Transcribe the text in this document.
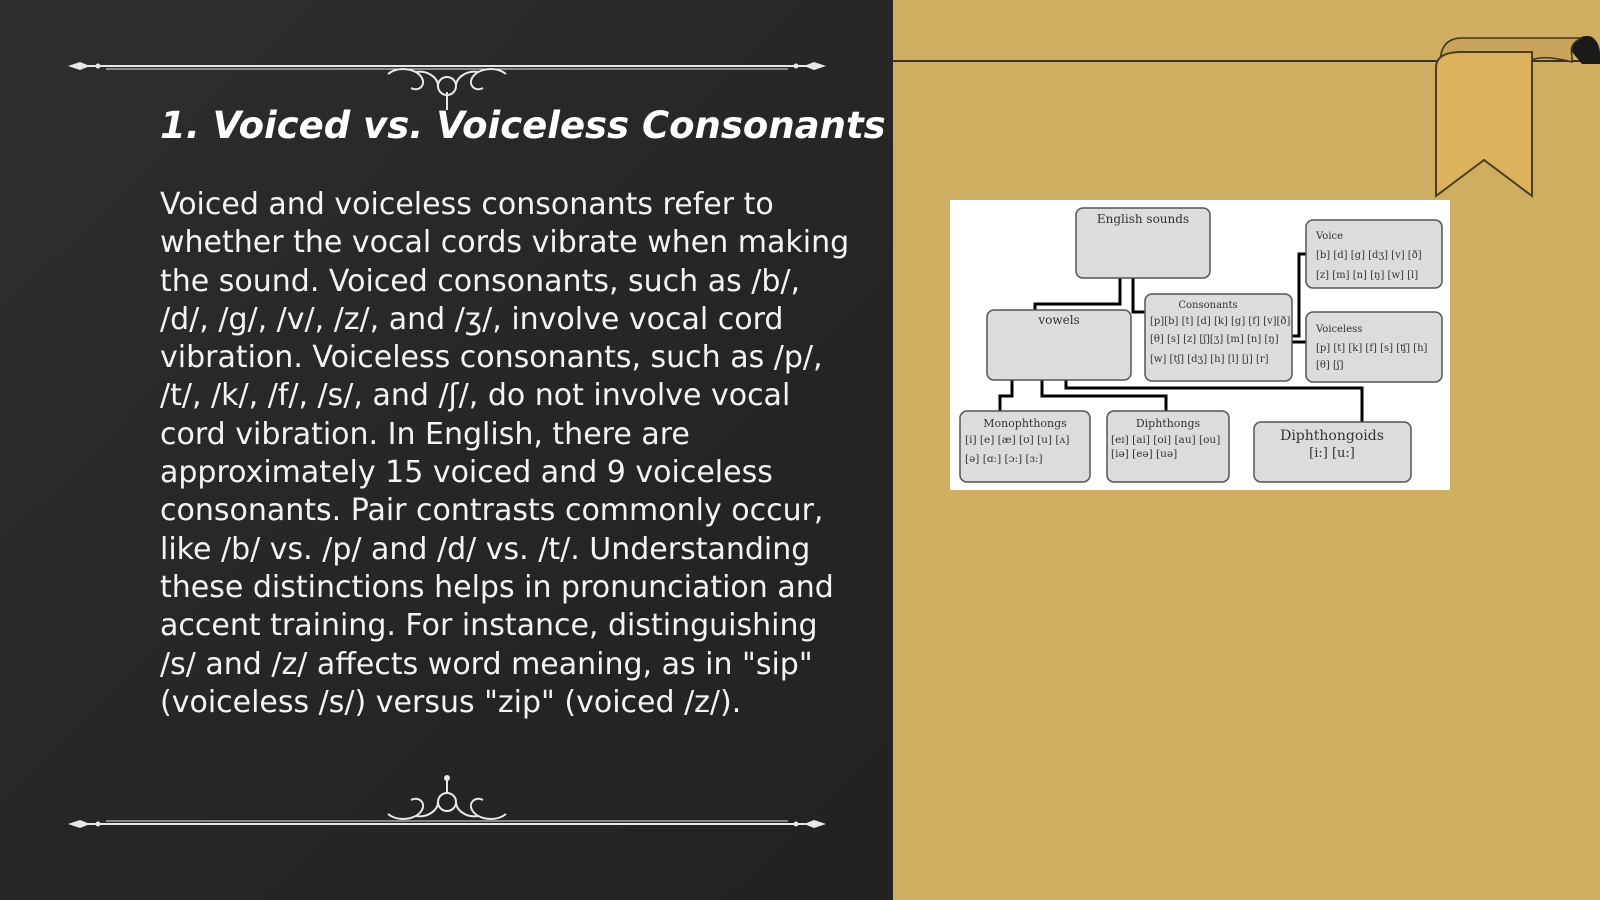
1. Voiced vs. Voiceless Consonants
Voiced and voiceless consonants refer to whether the vocal cords vibrate when making the sound. Voiced consonants, such as /b/, /d/, /g/, /v/, /z/, and /ʒ/, involve vocal cord vibration. Voiceless consonants, such as /p/, /t/, /k/, /f/, /s/, and /ʃ/, do not involve vocal cord vibration. In English, there are approximately 15 voiced and 9 voiceless consonants. Pair contrasts commonly occur, like /b/ vs. /p/ and /d/ vs. /t/. Understanding these distinctions helps in pronunciation and accent training. For instance, distinguishing /s/ and /z/ affects word meaning, as in "sip" (voiceless /s/) versus "zip" (voiced /z/).
English sounds
vowels
Consonants
[p][b] [t] [d] [k] [g] [f] [v][ð]
[θ] [s] [z] [ʃ][ʒ] [m] [n] [ŋ]
[w] [tʃ] [dʒ] [h] [l] [j] [r]
Voice
[b] [d] [g] [dʒ] [v] [ð]
[z] [m] [n] [ŋ] [w] [l]
Voiceless
[p] [t] [k] [f] [s] [ʧ] [h]
[θ] [ʃ]
Monophthongs
[i] [e] [æ] [ʊ] [u] [ʌ]
[ə] [ɑ:] [ɔ:] [ɜ:]
Diphthongs
[eɪ] [ai] [oi] [au] [ou]
[iə] [eə] [uə]
Diphthongoids
[i:] [u:]
